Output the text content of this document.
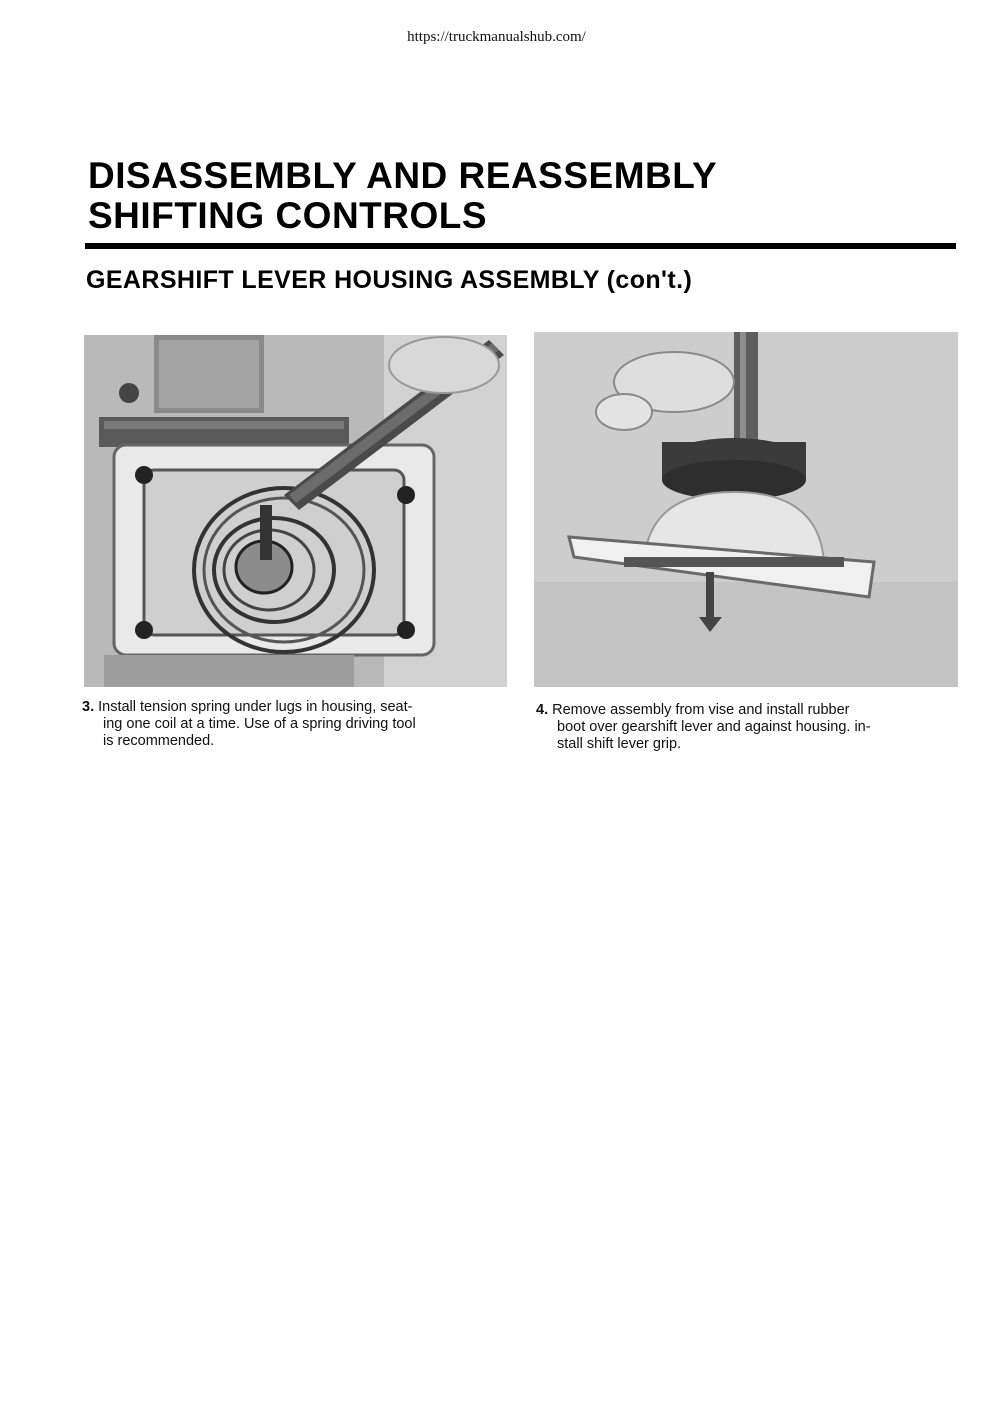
https://truckmanualshub.com/
DISASSEMBLY AND REASSEMBLY
SHIFTING CONTROLS
GEARSHIFT LEVER HOUSING ASSEMBLY (con't.)

3. Install tension spring under lugs in housing, seat-
ing one coil at a time. Use of a spring driving tool
is recommended.

4. Remove assembly from vise and install rubber
boot over gearshift lever and against housing. in-
stall shift lever grip.
